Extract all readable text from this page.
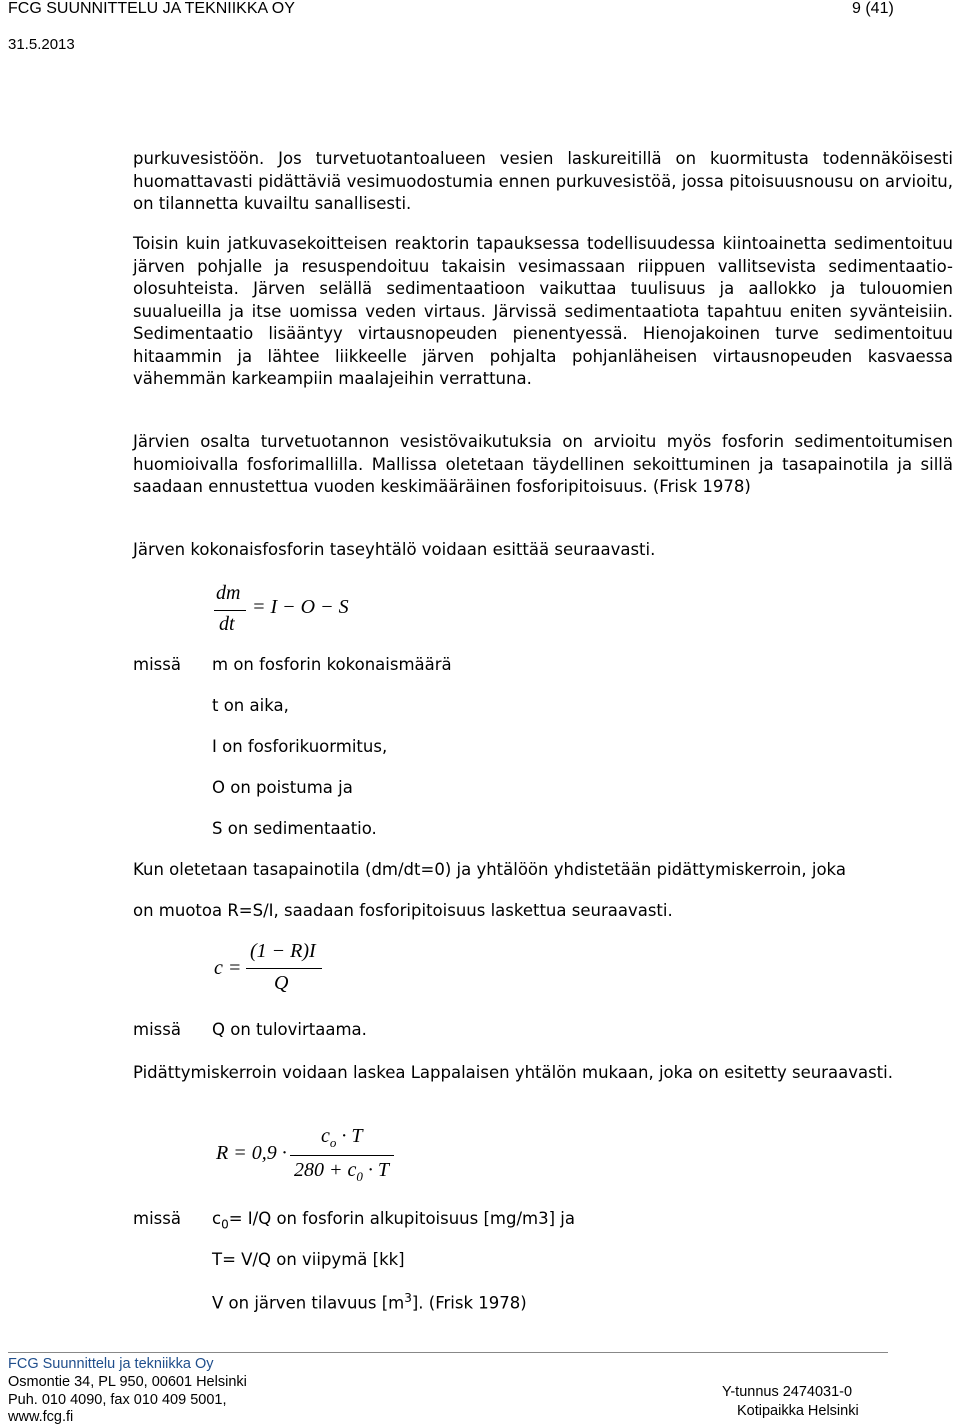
FCG SUUNNITTELU JA TEKNIIKKA OY
31.5.2013
9 (41)

purkuvesistöön. Jos turvetuotantoalueen vesien laskureitillä on kuormitusta todennäköisesti huomattavasti pidättäviä vesimuodostumia ennen purkuvesistöä, jossa pitoisuusnousu on arvioitu, on tilannetta kuvailtu sanallisesti.

Toisin kuin jatkuvasekoitteisen reaktorin tapauksessa todellisuudessa kiintoainetta sedimentoituu järven pohjalle ja resuspendoituu takaisin vesimassaan riippuen vallitsevista sedimentaatio-olosuhteista. Järven selällä sedimentaatioon vaikuttaa tuulisuus ja aallokko ja tulouomien suualueilla ja itse uomissa veden virtaus. Järvissä sedimentaatiota tapahtuu eniten syvänteisiin. Sedimentaatio lisääntyy virtausnopeuden pienentyessä. Hienojakoinen turve sedimentoituu hitaammin ja lähtee liikkeelle järven pohjalta pohjanläheisen virtausnopeuden kasvaessa vähemmän karkeampiin maalajeihin verrattuna.

Järvien osalta turvetuotannon vesistövaikutuksia on arvioitu myös fosforin sedimentoitumisen huomioivalla fosforimallilla. Mallissa oletetaan täydellinen sekoittuminen ja tasapainotila ja sillä saadaan ennustettua vuoden keskimääräinen fosforipitoisuus. (Frisk 1978)

Järven kokonaisfosforin taseyhtälö voidaan esittää seuraavasti.

dm
dt
= I − O − S
missä m on fosforin kokonaismäärä
t on aika,
I on fosforikuormitus,
O on poistuma ja
S on sedimentaatio.
Kun oletetaan tasapainotila (dm/dt=0) ja yhtälöön yhdistetään pidättymiskerroin, joka
on muotoa R=S/I, saadaan fosforipitoisuus laskettua seuraavasti.
c =
(1 − R)I
Q
missä Q on tulovirtaama.

Pidättymiskerroin voidaan laskea Lappalaisen yhtälön mukaan, joka on esitetty seuraavasti.

R = 0,9 ·
$c_o \cdot T$
$280 + c_0 \cdot T$
missä $c_0= I/Q$ on fosforin alkupitoisuus [mg/m3] ja
T= V/Q on viipymä [kk]
V on järven tilavuus $[m^3]$. (Frisk 1978)
FCG Suunnittelu ja tekniikka Oy
Osmontie 34, PL 950, 00601 Helsinki
Puh. 010 4090, fax 010 409 5001,
www.fcg.fi
Y-tunnus 2474031-0
Kotipaikka Helsinki
